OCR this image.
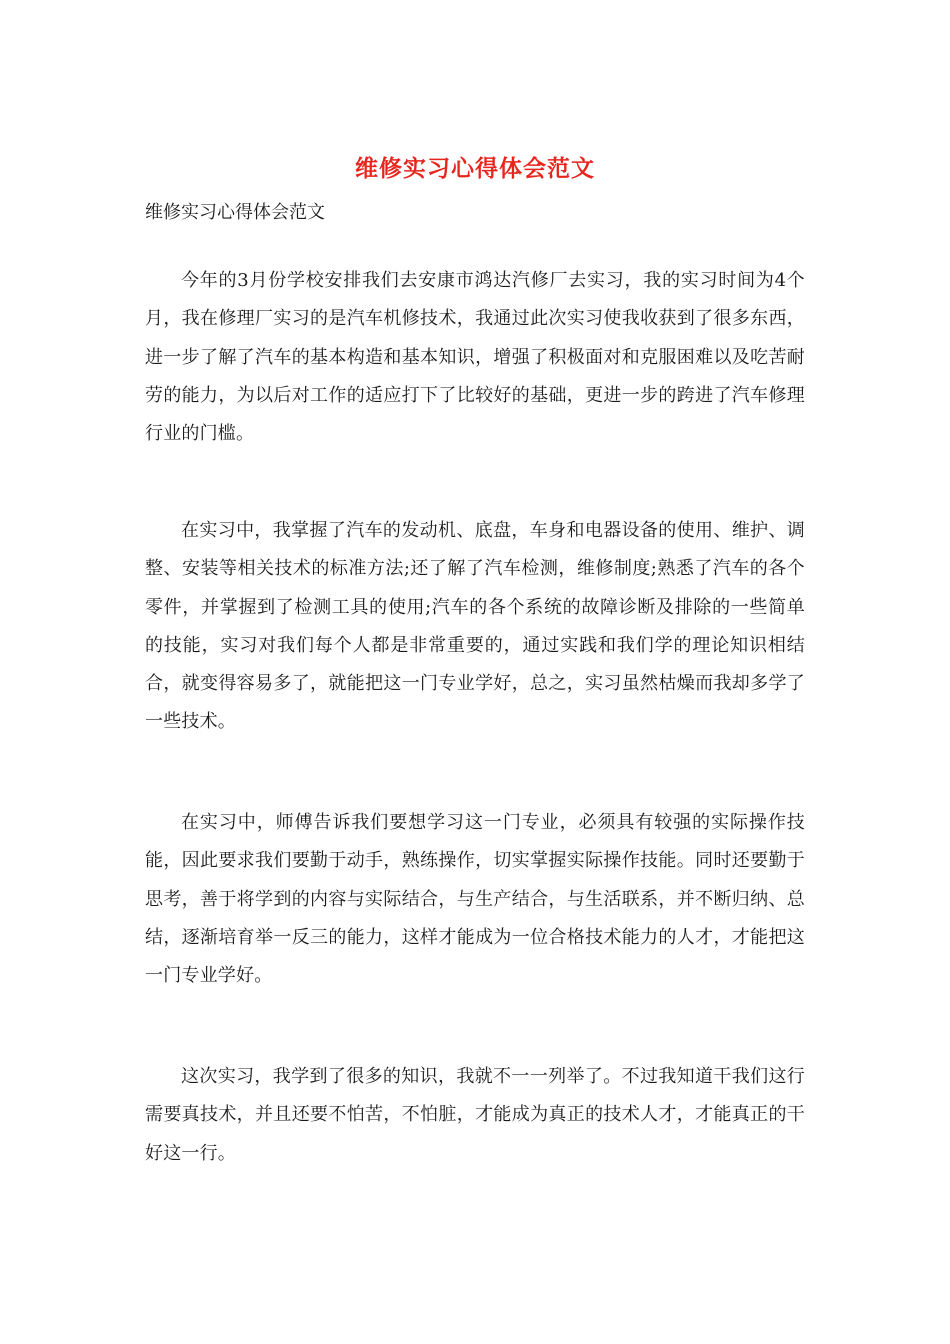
维修实习心得体会范文

维修实习心得体会范文

今年的3月份学校安排我们去安康市鸿达汽修厂去实习，我的实习时间为4个月，我在修理厂实习的是汽车机修技术，我通过此次实习使我收获到了很多东西，进一步了解了汽车的基本构造和基本知识，增强了积极面对和克服困难以及吃苦耐劳的能力，为以后对工作的适应打下了比较好的基础，更进一步的跨进了汽车修理行业的门槛。

在实习中，我掌握了汽车的发动机、底盘，车身和电器设备的使用、维护、调整、安装等相关技术的标准方法;还了解了汽车检测，维修制度;熟悉了汽车的各个零件，并掌握到了检测工具的使用;汽车的各个系统的故障诊断及排除的一些简单的技能，实习对我们每个人都是非常重要的，通过实践和我们学的理论知识相结合，就变得容易多了，就能把这一门专业学好，总之，实习虽然枯燥而我却多学了一些技术。

在实习中，师傅告诉我们要想学习这一门专业，必须具有较强的实际操作技能，因此要求我们要勤于动手，熟练操作，切实掌握实际操作技能。同时还要勤于思考，善于将学到的内容与实际结合，与生产结合，与生活联系，并不断归纳、总结，逐渐培育举一反三的能力，这样才能成为一位合格技术能力的人才，才能把这一门专业学好。

这次实习，我学到了很多的知识，我就不一一列举了。不过我知道干我们这行需要真技术，并且还要不怕苦，不怕脏，才能成为真正的技术人才，才能真正的干好这一行。
